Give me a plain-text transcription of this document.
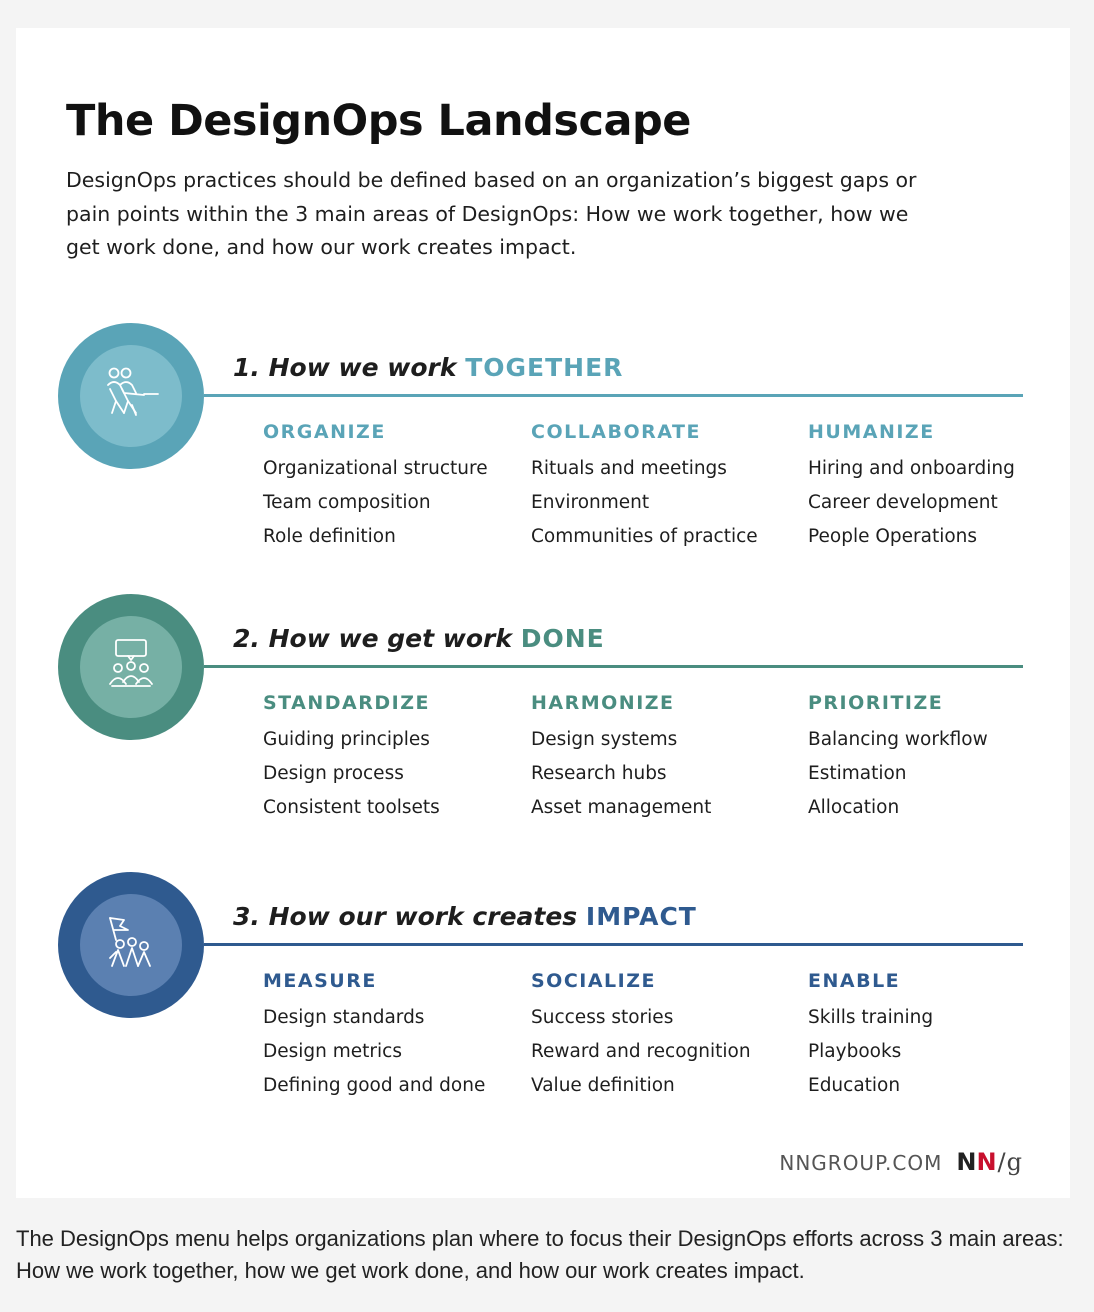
The DesignOps Landscape

DesignOps practices should be defined based on an organization’s biggest gaps or pain points within the 3 main areas of DesignOps: How we work together, how we get work done, and how our work creates impact.

1. How we work TOGETHER

ORGANIZE

Organizational structure

Team composition

Role definition

COLLABORATE

Rituals and meetings

Environment

Communities of practice

HUMANIZE

Hiring and onboarding

Career development

People Operations

2. How we get work DONE

STANDARDIZE

Guiding principles

Design process

Consistent toolsets

HARMONIZE

Design systems

Research hubs

Asset management

PRIORITIZE

Balancing workflow

Estimation

Allocation

3. How our work creates IMPACT

MEASURE

Design standards

Design metrics

Defining good and done

SOCIALIZE

Success stories

Reward and recognition

Value definition

ENABLE

Skills training

Playbooks

Education

NNGROUP.COM N N / g

The DesignOps menu helps organizations plan where to focus their DesignOps efforts across 3 main areas: How we work together, how we get work done, and how our work creates impact.
